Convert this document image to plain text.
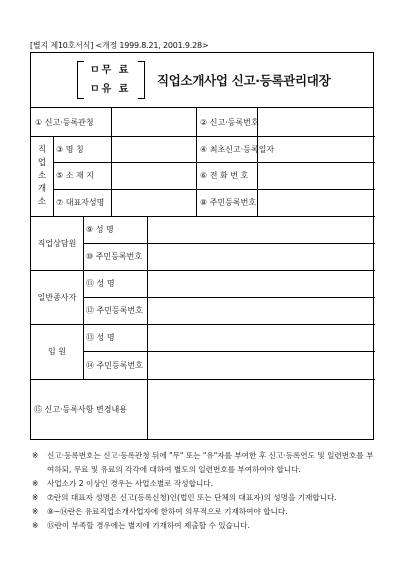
[별지 제10호서식] <개정 1999.8.21, 2001.9.28>
ㅁ무 료
ㅁ유 료
직업소개사업 신고·등록관리대장
① 신고·등록관청	② 신고·등록번호
직
업
소
개
소
③ 명 칭	④ 최초신고·등록일자
⑤ 소 재 지	⑥ 전 화 번 호
⑦ 대표자성명	⑧ 주민등록번호
직업상담원
⑨ 성 명
⑩ 주민등록번호
일반종사자
⑪ 성 명
⑫ 주민등록번호
임 원
⑬ 성 명
⑭ 주민등록번호
⑮ 신고·등록사항 변경내용
※ 신고·등록번호는 신고·등록관청 뒤에 "무" 또는 "유"자를 부여한 후 신고·등록연도 및 일련번호를 부여하되, 무료 및 유료의 각각에 대하여 별도의 일련번호를 부여하여야 합니다.
※ 사업소가 2 이상인 경우는 사업소별로 작성합니다.
※ ⑦란의 대표자 성명은 신고(등록신청)인(법인 또는 단체의 대표자)의 성명을 기재합니다.
※ ⑨~⑭란은 유료직업소개사업자에 한하여 의무적으로 기재하여야 합니다.
※ ⑮란이 부족할 경우에는 별지에 기재하여 제출할 수 있습니다.
